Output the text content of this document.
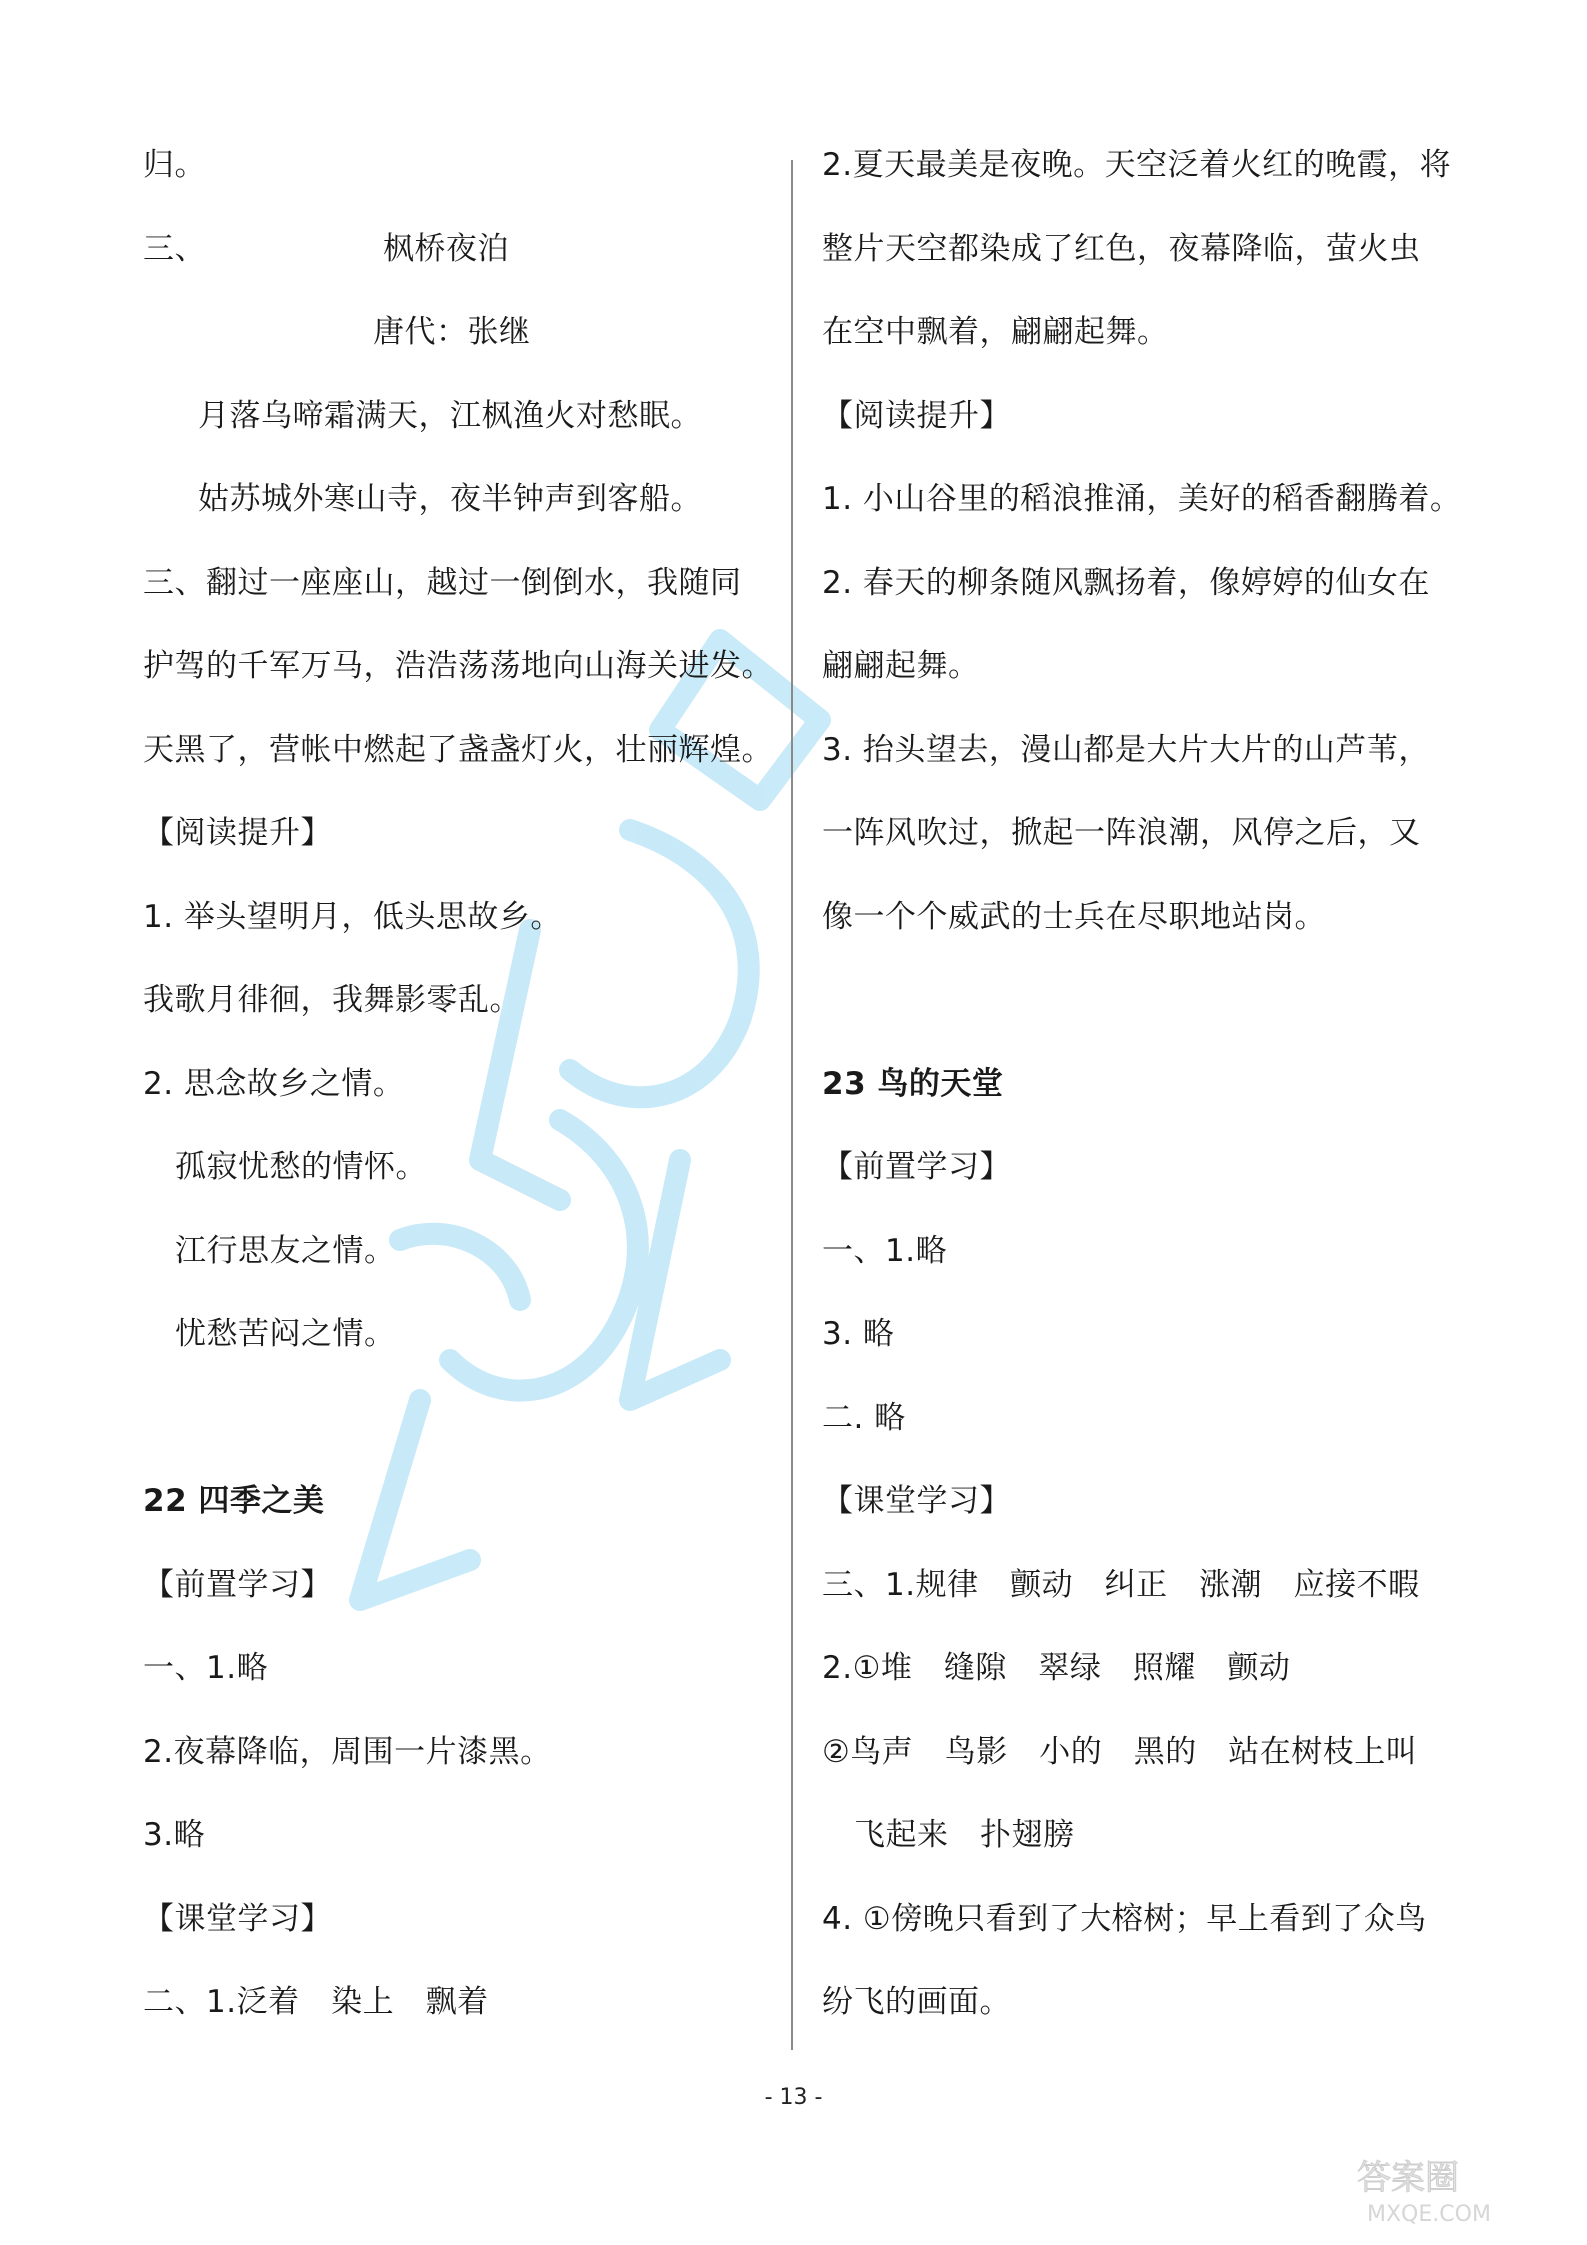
归。
三、	枫桥夜泊
唐代：张继
月落乌啼霜满天，江枫渔火对愁眠。
姑苏城外寒山寺，夜半钟声到客船。
三、翻过一座座山，越过一倒倒水，我随同
护驾的千军万马，浩浩荡荡地向山海关进发。
天黑了，营帐中燃起了盏盏灯火，壮丽辉煌。
【阅读提升】
1. 举头望明月，低头思故乡。
我歌月徘徊，我舞影零乱。
2. 思念故乡之情。
孤寂忧愁的情怀。
江行思友之情。
忧愁苦闷之情。
22 四季之美
【前置学习】
一、1.略
2.夜幕降临，周围一片漆黑。
3.略
【课堂学习】
二、1.泛着　染上　飘着
2.夏天最美是夜晚。天空泛着火红的晚霞，将
整片天空都染成了红色，夜幕降临，萤火虫
在空中飘着，翩翩起舞。
【阅读提升】
1. 小山谷里的稻浪推涌，美好的稻香翻腾着。
2. 春天的柳条随风飘扬着，像婷婷的仙女在
翩翩起舞。
3. 抬头望去，漫山都是大片大片的山芦苇，
一阵风吹过，掀起一阵浪潮，风停之后，又
像一个个威武的士兵在尽职地站岗。
23 鸟的天堂
【前置学习】
一、1.略
3. 略
二. 略
【课堂学习】
三、1.规律　颤动　纠正　涨潮　应接不暇
2.①堆　缝隙　翠绿　照耀　颤动
②鸟声　鸟影　小的　黑的　站在树枝上叫
飞起来　扑翅膀
4. ①傍晚只看到了大榕树；早上看到了众鸟
纷飞的画面。
- 13 -
答案圈
MXQE.COM
